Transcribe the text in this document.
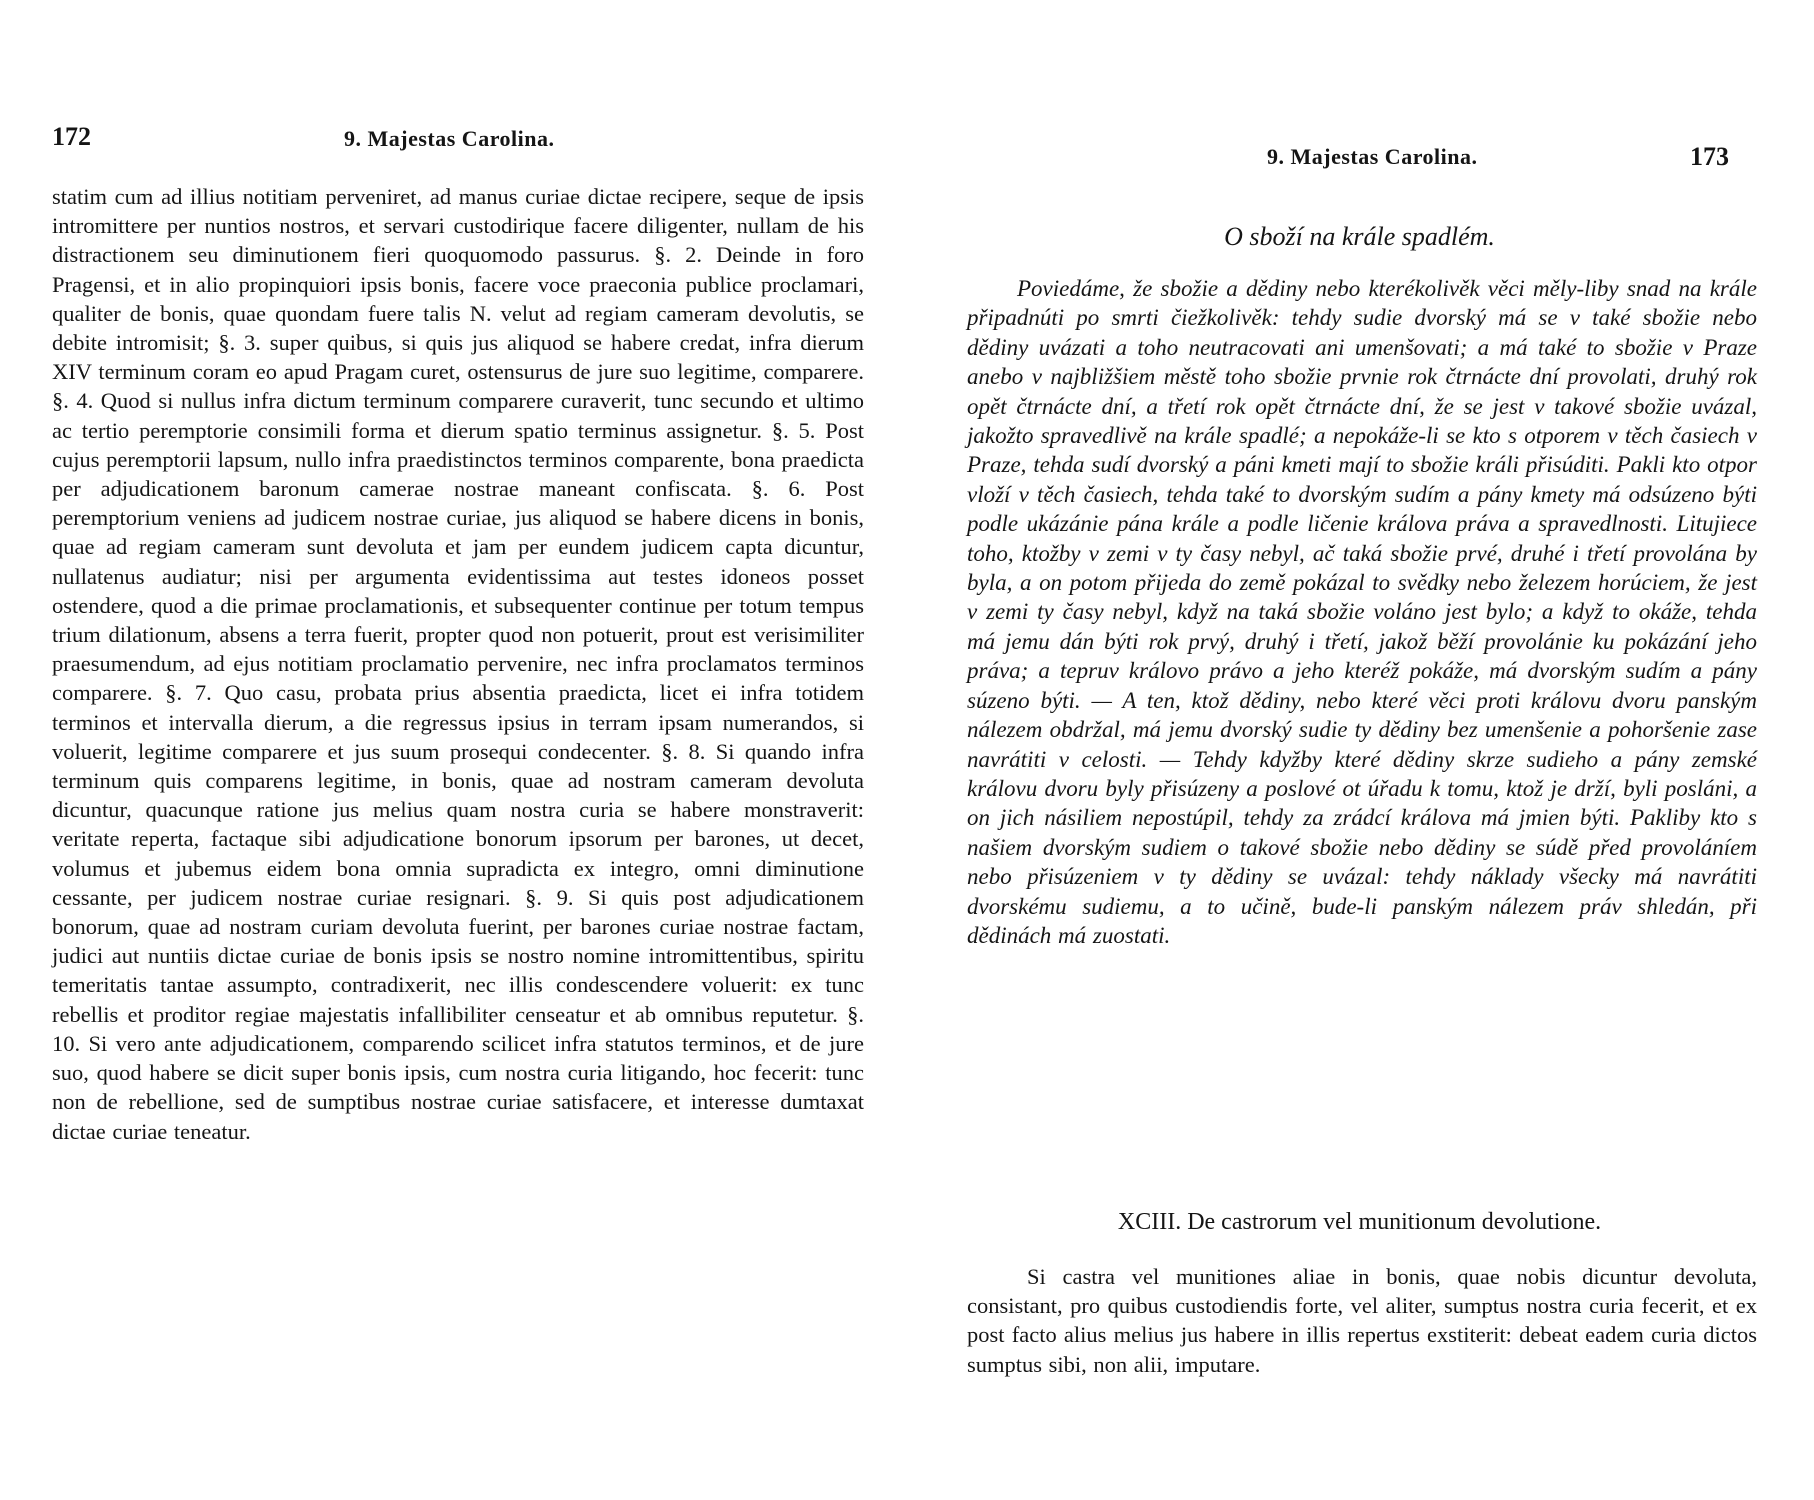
172	9. Majestas Carolina.
statim cum ad illius notitiam perveniret, ad manus curiae dictae recipere, seque de ipsis intromittere per nuntios nostros, et servari custodirique facere diligenter, nullam de his distractionem seu diminutionem fieri quoquomodo passurus. §. 2. Deinde in foro Pragensi, et in alio propinquiori ipsis bonis, facere voce praeconia publice proclamari, qualiter de bonis, quae quondam fuere talis N. velut ad regiam cameram devolutis, se debite intromisit; §. 3. super quibus, si quis jus aliquod se habere credat, infra dierum XIV terminum coram eo apud Pragam curet, ostensurus de jure suo legitime, comparere. §. 4. Quod si nullus infra dictum terminum comparere curaverit, tunc secundo et ultimo ac tertio peremptorie consimili forma et dierum spatio terminus assignetur. §. 5. Post cujus peremptorii lapsum, nullo infra praedistinctos terminos comparente, bona praedicta per adjudicationem baronum camerae nostrae maneant confiscata. §. 6. Post peremptorium veniens ad judicem nostrae curiae, jus aliquod se habere dicens in bonis, quae ad regiam cameram sunt devoluta et jam per eundem judicem capta dicuntur, nullatenus audiatur; nisi per argumenta evidentissima aut testes idoneos posset ostendere, quod a die primae proclamationis, et subsequenter continue per totum tempus trium dilationum, absens a terra fuerit, propter quod non potuerit, prout est verisimiliter praesumendum, ad ejus notitiam proclamatio pervenire, nec infra proclamatos terminos comparere. §. 7. Quo casu, probata prius absentia praedicta, licet ei infra totidem terminos et intervalla dierum, a die regressus ipsius in terram ipsam numerandos, si voluerit, legitime comparere et jus suum prosequi condecenter. §. 8. Si quando infra terminum quis comparens legitime, in bonis, quae ad nostram cameram devoluta dicuntur, quacunque ratione jus melius quam nostra curia se habere monstraverit: veritate reperta, factaque sibi adjudicatione bonorum ipsorum per barones, ut decet, volumus et jubemus eidem bona omnia supradicta ex integro, omni diminutione cessante, per judicem nostrae curiae resignari. §. 9. Si quis post adjudicationem bonorum, quae ad nostram curiam devoluta fuerint, per barones curiae nostrae factam, judici aut nuntiis dictae curiae de bonis ipsis se nostro nomine intromittentibus, spiritu temeritatis tantae assumpto, contradixerit, nec illis condescendere voluerit: ex tunc rebellis et proditor regiae majestatis infallibiliter censeatur et ab omnibus reputetur. §. 10. Si vero ante adjudicationem, comparendo scilicet infra statutos terminos, et de jure suo, quod habere se dicit super bonis ipsis, cum nostra curia litigando, hoc fecerit: tunc non de rebellione, sed de sumptibus nostrae curiae satisfacere, et interesse dumtaxat dictae curiae teneatur.
9. Majestas Carolina.	173
O sboží na krále spadlém.
Poviedáme, že sbožie a dědiny nebo kterékolivěk věci měly-liby snad na krále připadnúti po smrti čiežkolivěk: tehdy sudie dvorský má se v také sbožie nebo dědiny uvázati a toho neutracovati ani umenšovati; a má také to sbožie v Praze anebo v najbližšiem městě toho sbožie prvnie rok čtrnácte dní provolati, druhý rok opět čtrnácte dní, a třetí rok opět čtrnácte dní, že se jest v takové sbožie uvázal, jakožto spravedlivě na krále spadlé; a nepokáže-li se kto s otporem v těch časiech v Praze, tehda sudí dvorský a páni kmeti mají to sbožie králi přisúditi. Pakli kto otpor vloží v těch časiech, tehda také to dvorským sudím a pány kmety má odsúzeno býti podle ukázánie pána krále a podle ličenie králova práva a spravedlnosti. Litujiece toho, ktožby v zemi v ty časy nebyl, ač taká sbožie prvé, druhé i třetí provolána by byla, a on potom přijeda do země pokázal to svědky nebo železem horúciem, že jest v zemi ty časy nebyl, když na taká sbožie voláno jest bylo; a když to okáže, tehda má jemu dán býti rok prvý, druhý i třetí, jakož běží provolánie ku pokázání jeho práva; a tepruv královo právo a jeho kteréž pokáže, má dvorským sudím a pány súzeno býti. — A ten, ktož dědiny, nebo které věci proti královu dvoru panským nálezem obdržal, má jemu dvorský sudie ty dědiny bez umenšenie a pohoršenie zase navrátiti v celosti. — Tehdy kdyžby které dědiny skrze sudieho a pány zemské královu dvoru byly přisúzeny a poslové ot úřadu k tomu, ktož je drží, byli posláni, a on jich násiliem nepostúpil, tehdy za zrádcí králova má jmien býti. Pakliby kto s našiem dvorským sudiem o takové sbožie nebo dědiny se súdě před provoláníem nebo přisúzeniem v ty dědiny se uvázal: tehdy náklady všecky má navrátiti dvorskému sudiemu, a to učině, bude-li panským nálezem práv shledán, při dědinách má zuostati.
XCIII. De castrorum vel munitionum devolutione.
Si castra vel munitiones aliae in bonis, quae nobis dicuntur devoluta, consistant, pro quibus custodiendis forte, vel aliter, sumptus nostra curia fecerit, et ex post facto alius melius jus habere in illis repertus exstiterit: debeat eadem curia dictos sumptus sibi, non alii, imputare.
